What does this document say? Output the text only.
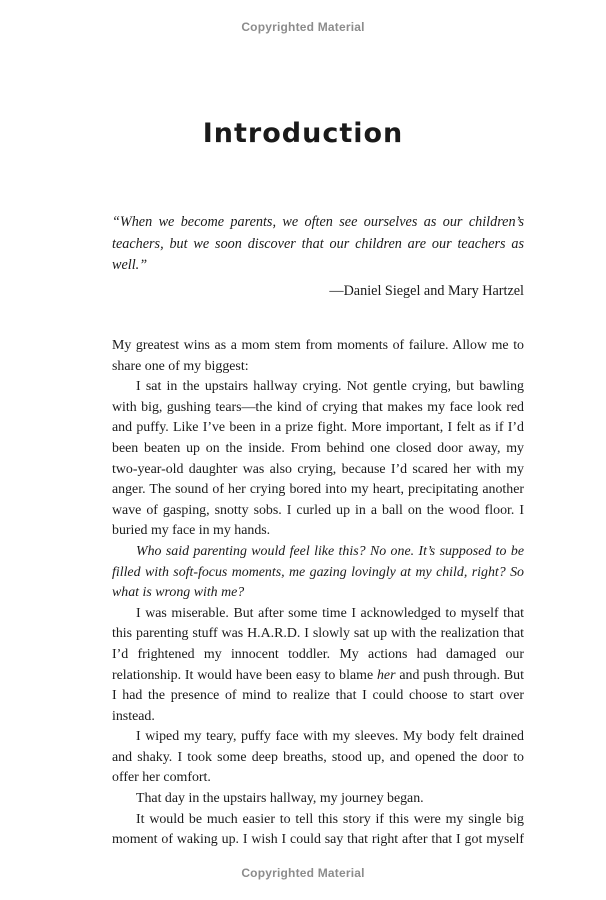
Copyrighted Material
Introduction

“When we become parents, we often see ourselves as our children’s teachers, but we soon discover that our children are our teachers as well.”

—Daniel Siegel and Mary Hartzel

My greatest wins as a mom stem from moments of failure. Allow me to share one of my biggest:

I sat in the upstairs hallway crying. Not gentle crying, but bawling with big, gushing tears—the kind of crying that makes my face look red and puffy. Like I’ve been in a prize fight. More important, I felt as if I’d been beaten up on the inside. From behind one closed door away, my two-year-old daughter was also crying, because I’d scared her with my anger. The sound of her crying bored into my heart, precipitating another wave of gasping, snotty sobs. I curled up in a ball on the wood floor. I buried my face in my hands.

Who said parenting would feel like this? No one. It’s supposed to be filled with soft-focus moments, me gazing lovingly at my child, right? So what is wrong with me?

I was miserable. But after some time I acknowledged to myself that this parenting stuff was H.A.R.D. I slowly sat up with the realization that I’d frightened my innocent toddler. My actions had damaged our relationship. It would have been easy to blame her and push through. But I had the presence of mind to realize that I could choose to start over instead.

I wiped my teary, puffy face with my sleeves. My body felt drained and shaky. I took some deep breaths, stood up, and opened the door to offer her comfort.

That day in the upstairs hallway, my journey began.

It would be much easier to tell this story if this were my single big moment of waking up. I wish I could say that right after that I got myself

Copyrighted Material
